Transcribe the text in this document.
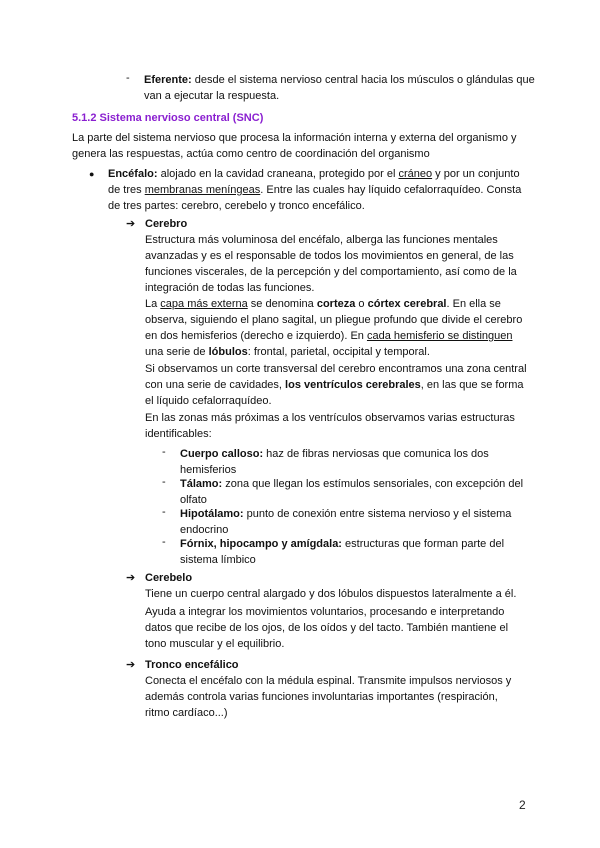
- Eferente: desde el sistema nervioso central hacia los músculos o glándulas que van a ejecutar la respuesta.

5.1.2 Sistema nervioso central (SNC)

La parte del sistema nervioso que procesa la información interna y externa del organismo y genera las respuestas, actúa como centro de coordinación del organismo

● Encéfalo: alojado en la cavidad craneana, protegido por el cráneo y por un conjunto de tres membranas meníngeas. Entre las cuales hay líquido cefalorraquídeo. Consta de tres partes: cerebro, cerebelo y tronco encefálico.

➔ Cerebro

Estructura más voluminosa del encéfalo, alberga las funciones mentales avanzadas y es el responsable de todos los movimientos en general, de las funciones viscerales, de la percepción y del comportamiento, así como de la integración de todas las funciones.

La capa más externa se denomina corteza o córtex cerebral. En ella se observa, siguiendo el plano sagital, un pliegue profundo que divide el cerebro en dos hemisferios (derecho e izquierdo). En cada hemisferio se distinguen una serie de lóbulos: frontal, parietal, occipital y temporal.

Si observamos un corte transversal del cerebro encontramos una zona central con una serie de cavidades, los ventrículos cerebrales, en las que se forma el líquido cefalorraquídeo.

En las zonas más próximas a los ventrículos observamos varias estructuras identificables:

- Cuerpo calloso: haz de fibras nerviosas que comunica los dos hemisferios

- Tálamo: zona que llegan los estímulos sensoriales, con excepción del olfato

- Hipotálamo: punto de conexión entre sistema nervioso y el sistema endocrino

- Fórnix, hipocampo y amígdala: estructuras que forman parte del sistema límbico

➔ Cerebelo

Tiene un cuerpo central alargado y dos lóbulos dispuestos lateralmente a él.

Ayuda a integrar los movimientos voluntarios, procesando e interpretando datos que recibe de los ojos, de los oídos y del tacto. También mantiene el tono muscular y el equilibrio.

➔ Tronco encefálico

Conecta el encéfalo con la médula espinal. Transmite impulsos nerviosos y además controla varias funciones involuntarias importantes (respiración, ritmo cardíaco...)

2
